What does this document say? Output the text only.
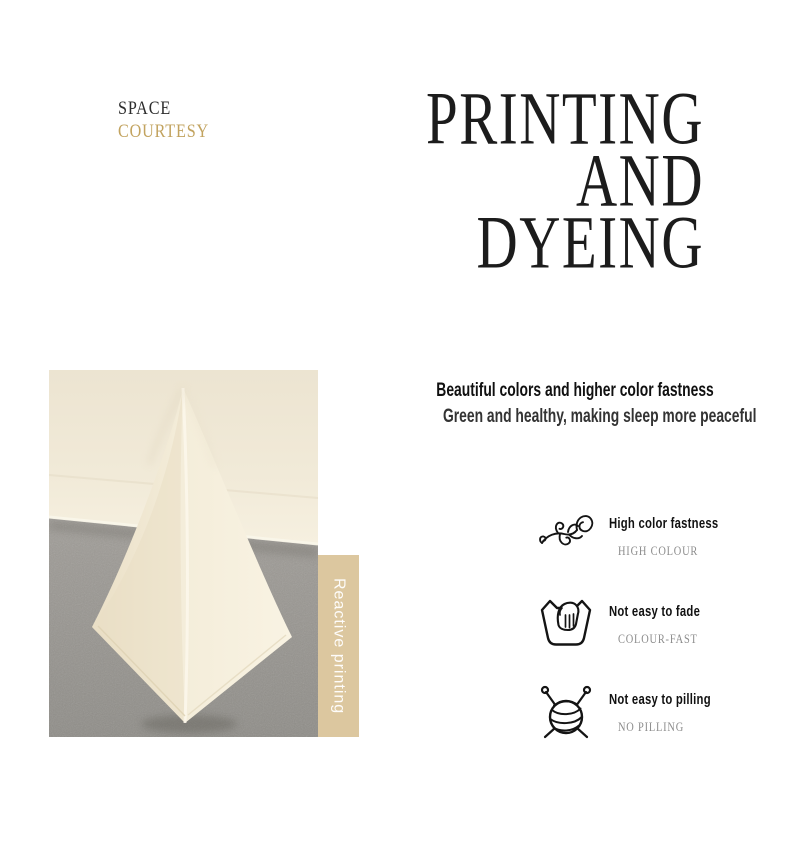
SPACE
COURTESY	PRINTING
AND
DYEING
Reactive printing
Beautiful colors and higher color fastness
Green and healthy, making sleep more peaceful
High color fastness
HIGH COLOUR
Not easy to fade
COLOUR-FAST
Not easy to pilling
NO PILLING
